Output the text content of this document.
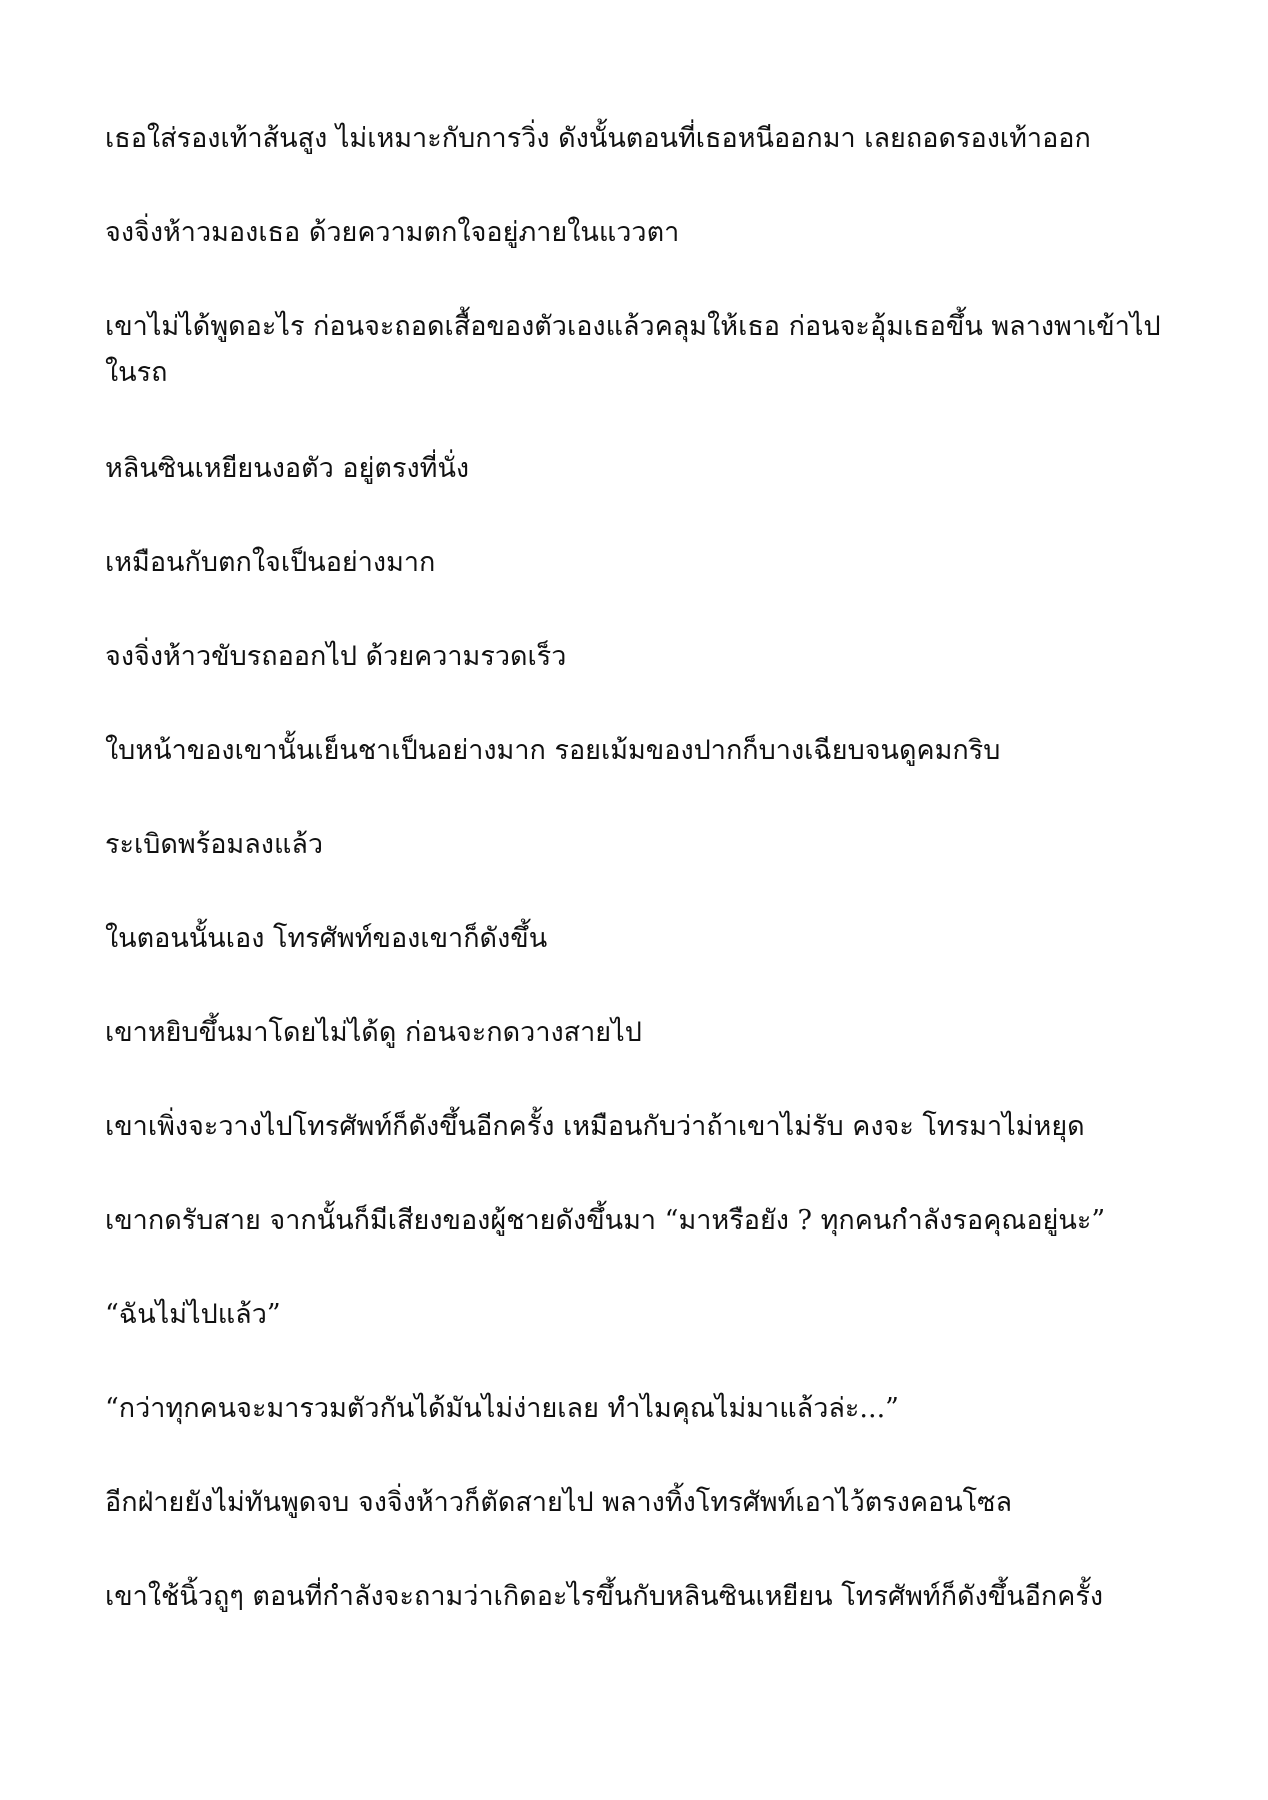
เธอใส่รองเท้าส้นสูง ไม่เหมาะกับการวิ่ง ดังนั้นตอนที่เธอหนีออกมา เลยถอดรองเท้าออก

จงจิ่งห้าวมองเธอ ด้วยความตกใจอยู่ภายในแววตา

เขาไม่ได้พูดอะไร ก่อนจะถอดเสื้อของตัวเองแล้วคลุมให้เธอ ก่อนจะอุ้มเธอขึ้น พลางพาเข้าไปในรถ

หลินซินเหยียนงอตัว อยู่ตรงที่นั่ง

เหมือนกับตกใจเป็นอย่างมาก

จงจิ่งห้าวขับรถออกไป ด้วยความรวดเร็ว

ใบหน้าของเขานั้นเย็นชาเป็นอย่างมาก รอยเม้มของปากก็บางเฉียบจนดูคมกริบ

ระเบิดพร้อมลงแล้ว

ในตอนนั้นเอง โทรศัพท์ของเขาก็ดังขึ้น

เขาหยิบขึ้นมาโดยไม่ได้ดู ก่อนจะกดวางสายไป

เขาเพิ่งจะวางไปโทรศัพท์ก็ดังขึ้นอีกครั้ง เหมือนกับว่าถ้าเขาไม่รับ คงจะ โทรมาไม่หยุด

เขากดรับสาย จากนั้นก็มีเสียงของผู้ชายดังขึ้นมา “มาหรือยัง ? ทุกคนกำลังรอคุณอยู่นะ”

“ฉันไม่ไปแล้ว”

“กว่าทุกคนจะมารวมตัวกันได้มันไม่ง่ายเลย ทำไมคุณไม่มาแล้วล่ะ...”

อีกฝ่ายยังไม่ทันพูดจบ จงจิ่งห้าวก็ตัดสายไป พลางทิ้งโทรศัพท์เอาไว้ตรงคอนโซล

เขาใช้นิ้วถูๆ ตอนที่กำลังจะถามว่าเกิดอะไรขึ้นกับหลินซินเหยียน โทรศัพท์ก็ดังขึ้นอีกครั้ง
